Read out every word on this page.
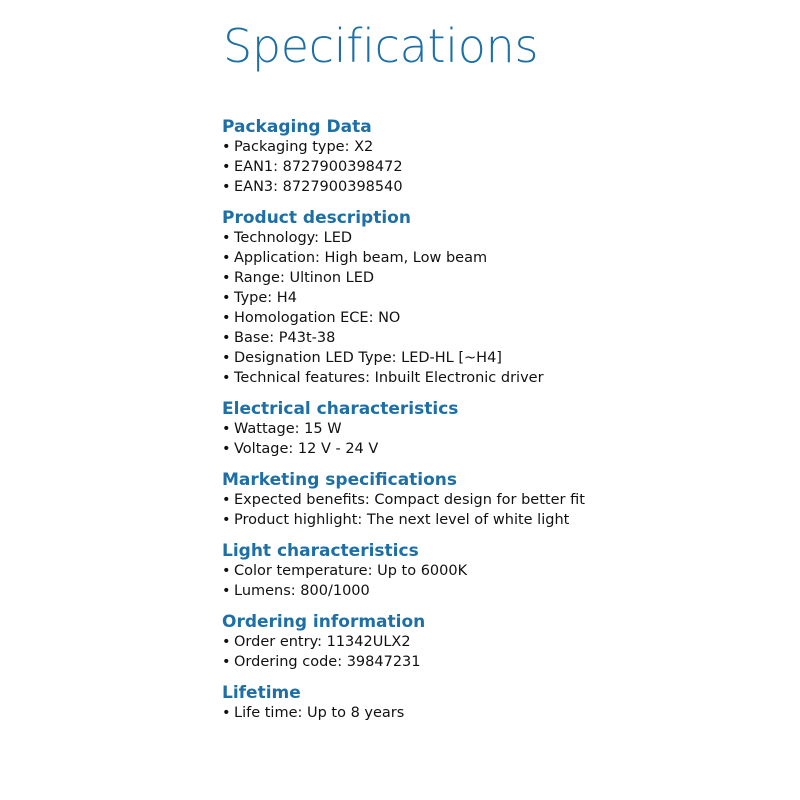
Specifications
Packaging Data
• Packaging type: X2
• EAN1: 8727900398472
• EAN3: 8727900398540
Product description
• Technology: LED
• Application: High beam, Low beam
• Range: Ultinon LED
• Type: H4
• Homologation ECE: NO
• Base: P43t-38
• Designation LED Type: LED-HL [~H4]
• Technical features: Inbuilt Electronic driver
Electrical characteristics
• Wattage: 15 W
• Voltage: 12 V - 24 V
Marketing specifications
• Expected benefits: Compact design for better fit
• Product highlight: The next level of white light
Light characteristics
• Color temperature: Up to 6000K
• Lumens: 800/1000
Ordering information
• Order entry: 11342ULX2
• Ordering code: 39847231
Lifetime
• Life time: Up to 8 years
